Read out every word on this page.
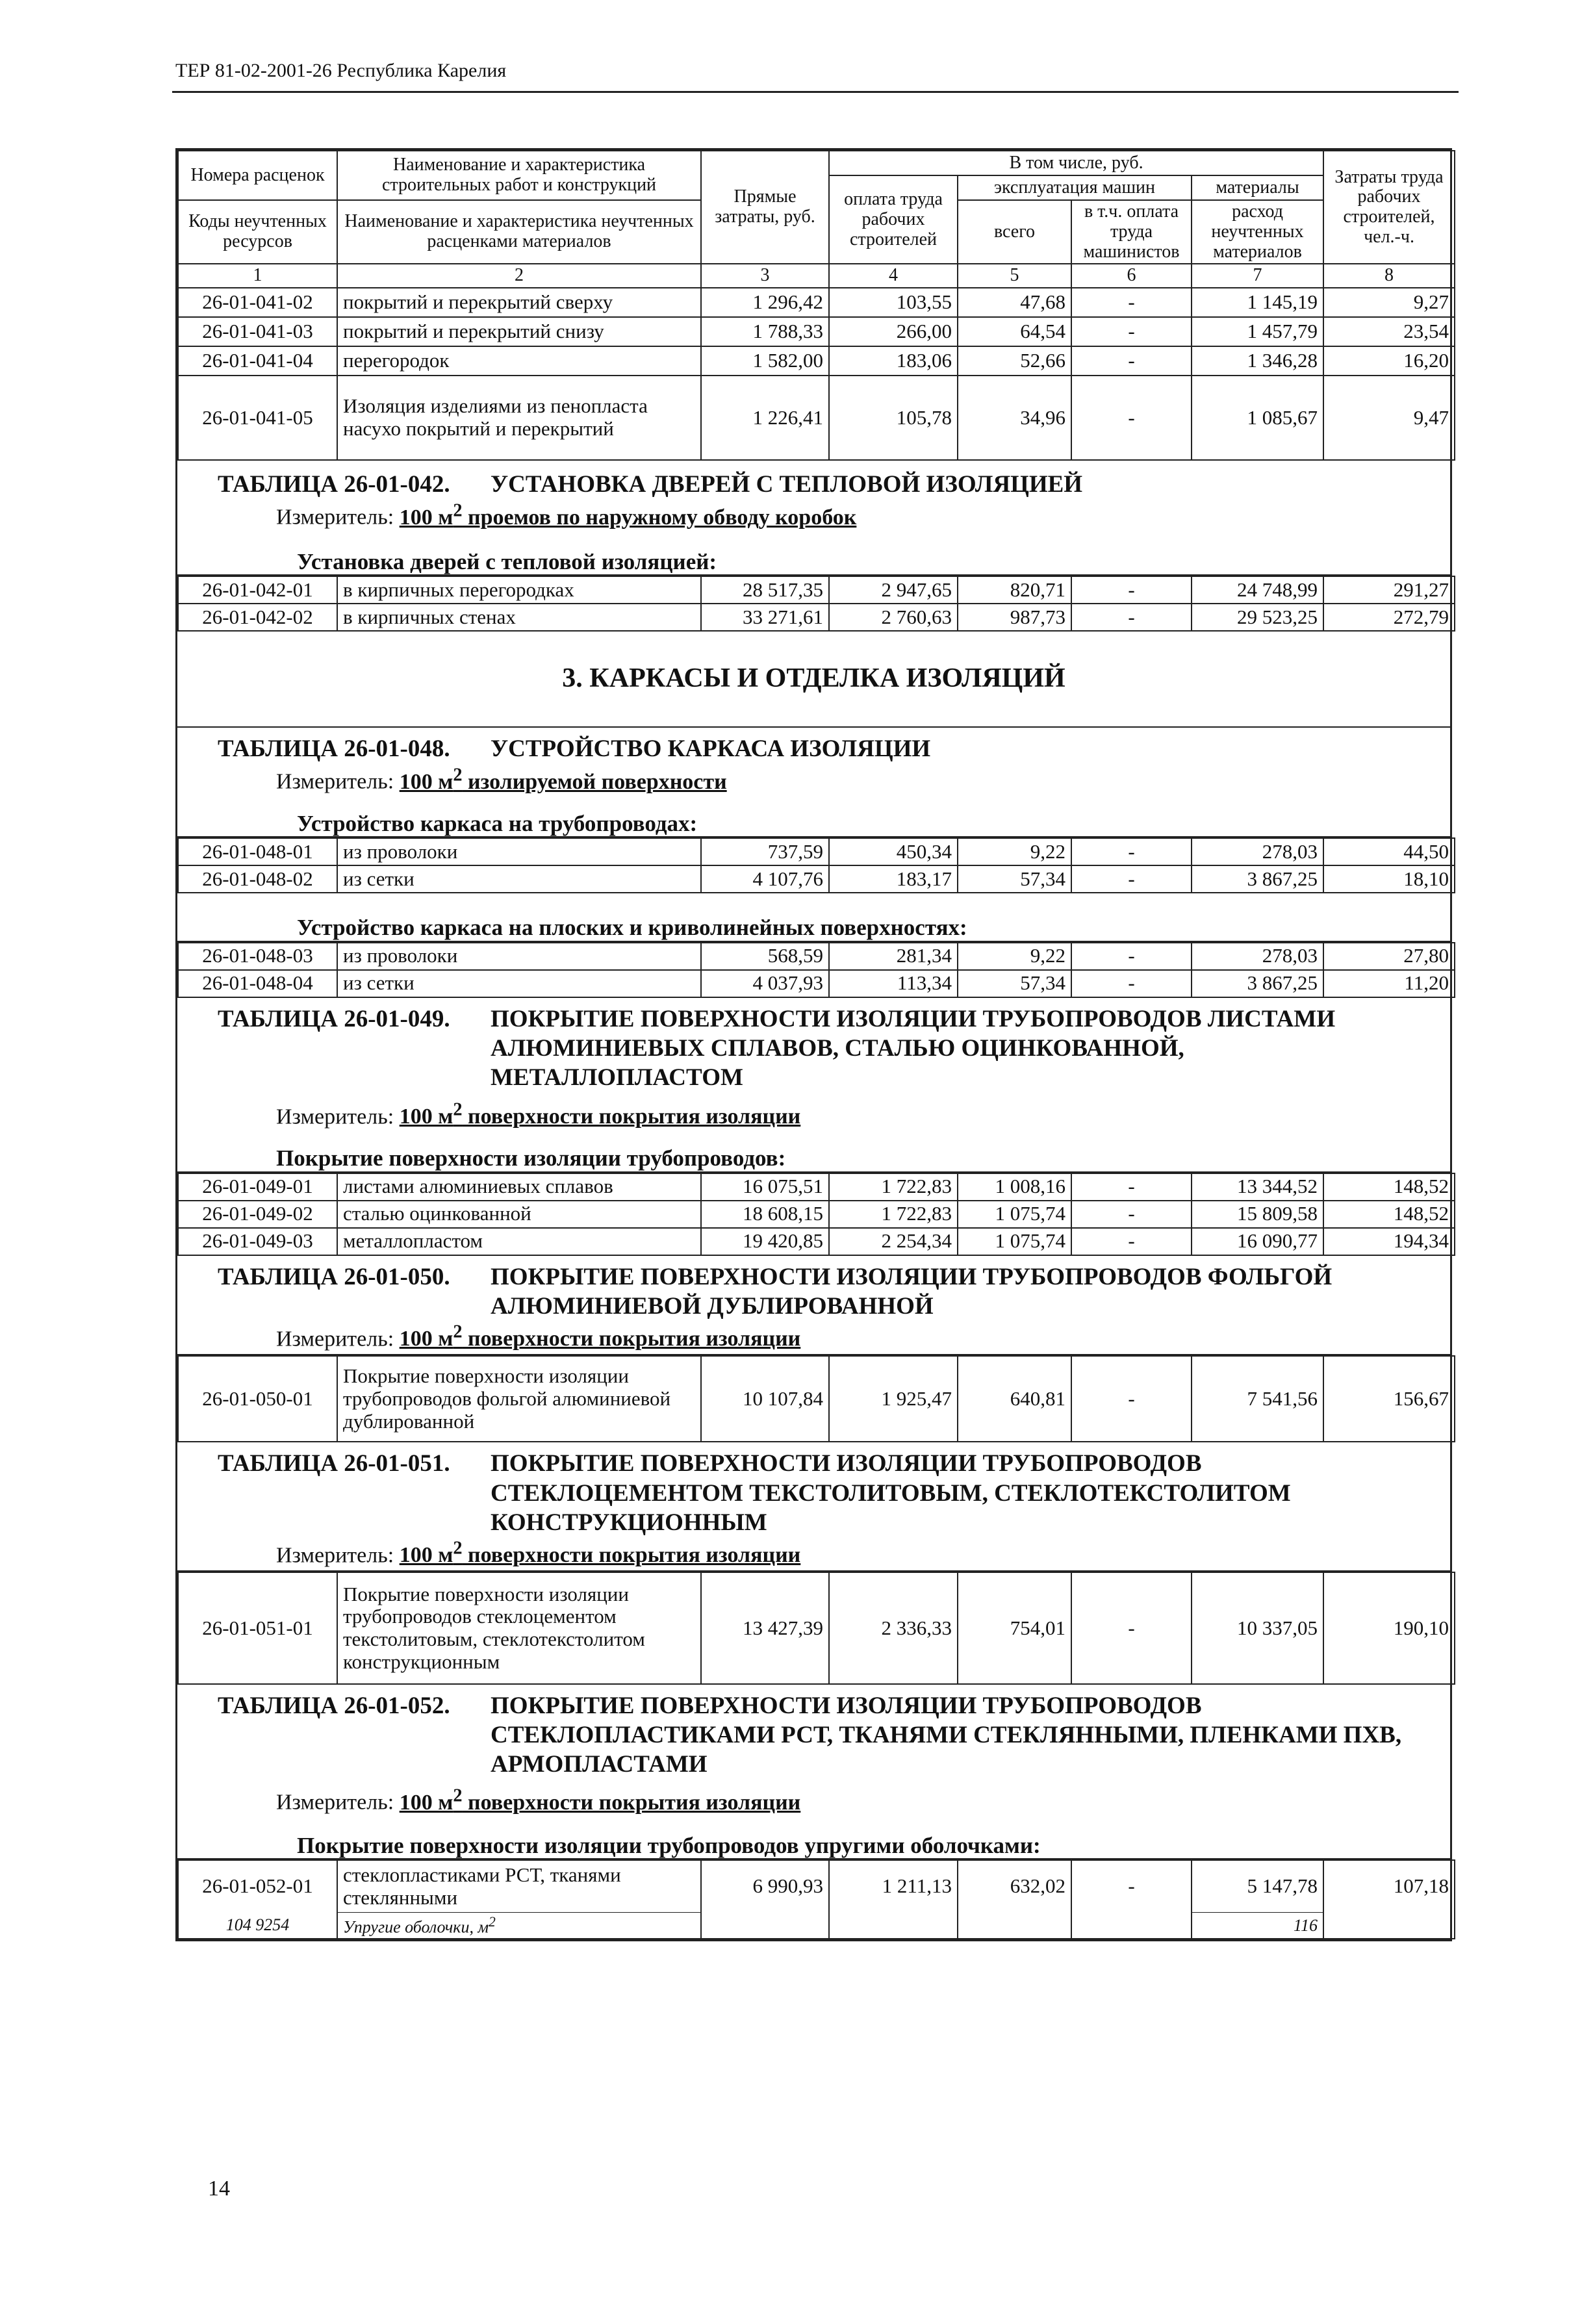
ТЕР 81-02-2001-26 Республика Карелия
Номера расценок	Наименование и характеристика строительных работ и конструкций	Прямые затраты, руб.	В том числе, руб.				Затраты труда рабочих строителей, чел.-ч.
			оплата труда рабочих строителей	эксплуатация машин		материалы	
Коды неучтенных ресурсов	Наименование и характеристика неучтенных расценками материалов			всего	в т.ч. оплата труда машинистов	расход неучтенных материалов	

1	2	3	4	5	6	7	8
26-01-041-02	покрытий и перекрытий сверху	1 296,42	103,55	47,68	-	1 145,19	9,27
26-01-041-03	покрытий и перекрытий снизу	1 788,33	266,00	64,54	-	1 457,79	23,54
26-01-041-04	перегородок	1 582,00	183,06	52,66	-	1 346,28	16,20
26-01-041-05	Изоляция изделиями из пенопласта насухо покрытий и перекрытий	1 226,41	105,78	34,96	-	1 085,67	9,47
ТАБЛИЦА 26-01-042. УСТАНОВКА ДВЕРЕЙ С ТЕПЛОВОЙ ИЗОЛЯЦИЕЙ
Измеритель: 100 $м^2$ проемов по наружному обводу коробок
Установка дверей с тепловой изоляцией:
26-01-042-01	в кирпичных перегородках	28 517,35	2 947,65	820,71	-	24 748,99	291,27
26-01-042-02	в кирпичных стенах	33 271,61	2 760,63	987,73	-	29 523,25	272,79
3. КАРКАСЫ И ОТДЕЛКА ИЗОЛЯЦИЙ
ТАБЛИЦА 26-01-048. УСТРОЙСТВО КАРКАСА ИЗОЛЯЦИИ
Измеритель: 100 $м^2$ изолируемой поверхности
Устройство каркаса на трубопроводах:
26-01-048-01	из проволоки	737,59	450,34	9,22	-	278,03	44,50
26-01-048-02	из сетки	4 107,76	183,17	57,34	-	3 867,25	18,10
Устройство каркаса на плоских и криволинейных поверхностях:
26-01-048-03	из проволоки	568,59	281,34	9,22	-	278,03	27,80
26-01-048-04	из сетки	4 037,93	113,34	57,34	-	3 867,25	11,20
ТАБЛИЦА 26-01-049. ПОКРЫТИЕ ПОВЕРХНОСТИ ИЗОЛЯЦИИ ТРУБОПРОВОДОВ ЛИСТАМИ АЛЮМИНИЕВЫХ СПЛАВОВ, СТАЛЬЮ ОЦИНКОВАННОЙ, МЕТАЛЛОПЛАСТОМ
Измеритель: 100 $м^2$ поверхности покрытия изоляции
Покрытие поверхности изоляции трубопроводов:
26-01-049-01	листами алюминиевых сплавов	16 075,51	1 722,83	1 008,16	-	13 344,52	148,52
26-01-049-02	сталью оцинкованной	18 608,15	1 722,83	1 075,74	-	15 809,58	148,52
26-01-049-03	металлопластом	19 420,85	2 254,34	1 075,74	-	16 090,77	194,34
ТАБЛИЦА 26-01-050. ПОКРЫТИЕ ПОВЕРХНОСТИ ИЗОЛЯЦИИ ТРУБОПРОВОДОВ ФОЛЬГОЙ АЛЮМИНИЕВОЙ ДУБЛИРОВАННОЙ
Измеритель: 100 $м^2$ поверхности покрытия изоляции
26-01-050-01	Покрытие поверхности изоляции трубопроводов фольгой алюминиевой дублированной	10 107,84	1 925,47	640,81	-	7 541,56	156,67
ТАБЛИЦА 26-01-051. ПОКРЫТИЕ ПОВЕРХНОСТИ ИЗОЛЯЦИИ ТРУБОПРОВОДОВ СТЕКЛОЦЕМЕНТОМ ТЕКСТОЛИТОВЫМ, СТЕКЛОТЕКСТОЛИТОМ КОНСТРУКЦИОННЫМ
Измеритель: 100 $м^2$ поверхности покрытия изоляции
26-01-051-01	Покрытие поверхности изоляции трубопроводов стеклоцементом текстолитовым, стеклотекстолитом конструкционным	13 427,39	2 336,33	754,01	-	10 337,05	190,10
ТАБЛИЦА 26-01-052. ПОКРЫТИЕ ПОВЕРХНОСТИ ИЗОЛЯЦИИ ТРУБОПРОВОДОВ СТЕКЛОПЛАСТИКАМИ РСТ, ТКАНЯМИ СТЕКЛЯННЫМИ, ПЛЕНКАМИ ПХВ, АРМОПЛАСТАМИ
Измеритель: 100 $м^2$ поверхности покрытия изоляции
Покрытие поверхности изоляции трубопроводов упругими оболочками:
26-01-052-01	стеклопластиками РСТ, тканями стеклянными	6 990,93	1 211,13	632,02	-	5 147,78	107,18
104 9254	Упругие оболочки, $м^2$					116	
14
